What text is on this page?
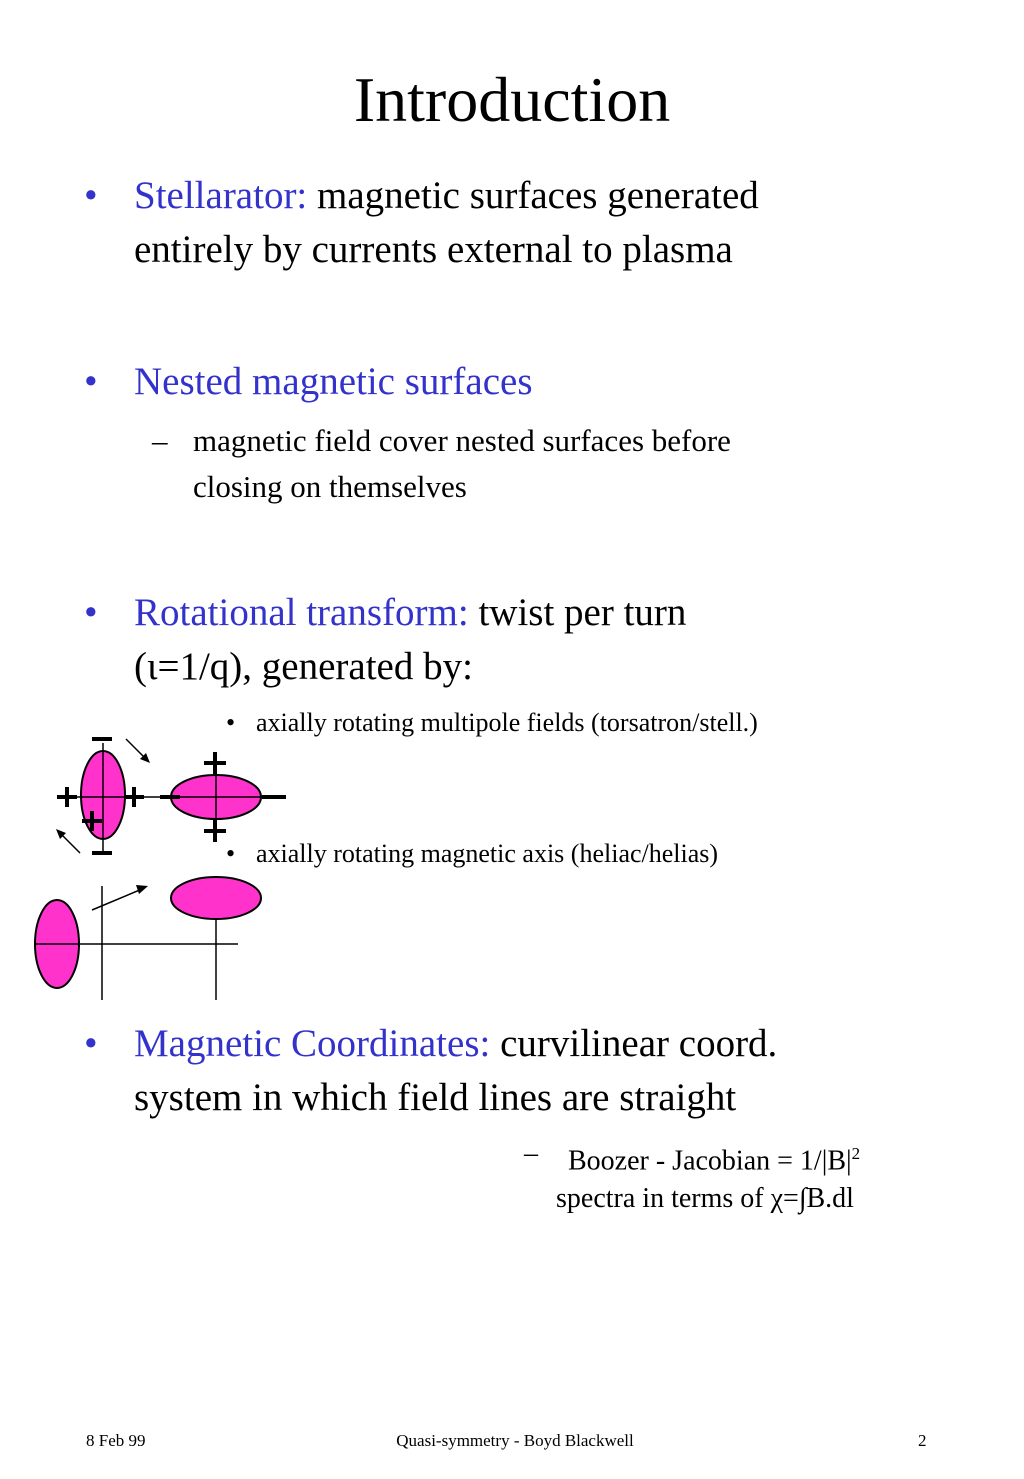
Introduction
• Stellarator: magnetic surfaces generated
entirely by currents external to plasma
• Nested magnetic surfaces
– magnetic field cover nested surfaces before
closing on themselves
• Rotational transform: twist per turn
(ι=1/q), generated by:
• axially rotating multipole fields (torsatron/stell.)
• axially rotating magnetic axis (heliac/helias)
• Magnetic Coordinates: curvilinear coord.
system in which field lines are straight
– Boozer - Jacobian = $1/|B|^2$
spectra in terms of χ=∫B.dl
8 Feb 99	Quasi-symmetry - Boyd Blackwell	2
